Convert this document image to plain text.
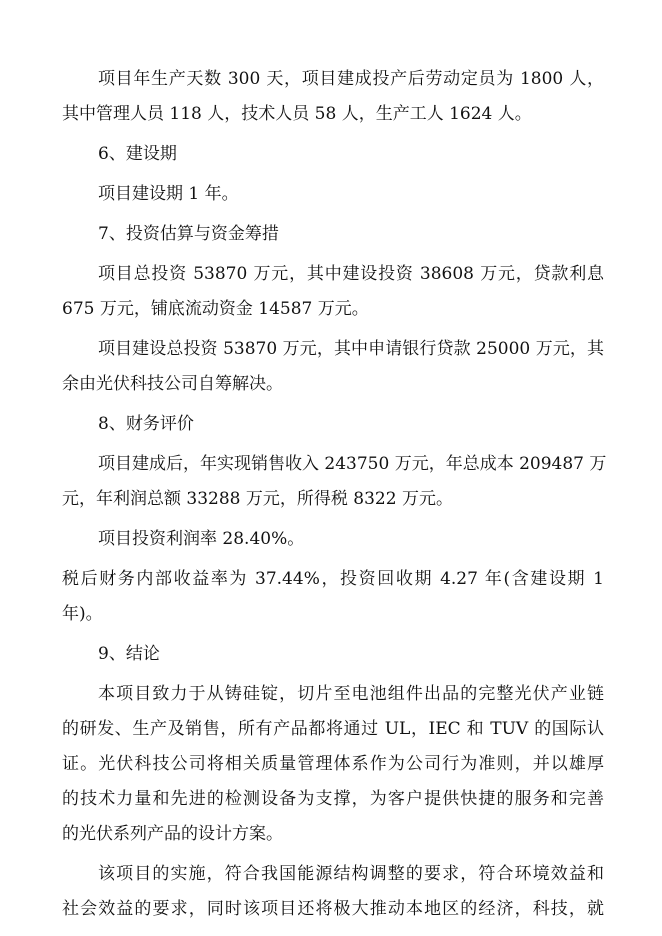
项目年生产天数 300 天，项目建成投产后劳动定员为 1800 人，
其中管理人员 118 人，技术人员 58 人，生产工人 1624 人。
6、建设期
项目建设期 1 年。
7、投资估算与资金筹措
项目总投资 53870 万元，其中建设投资 38608 万元，贷款利息
675 万元，铺底流动资金 14587 万元。
项目建设总投资 53870 万元，其中申请银行贷款 25000 万元，其
余由光伏科技公司自筹解决。
8、财务评价
项目建成后，年实现销售收入 243750 万元，年总成本 209487 万
元，年利润总额 33288 万元，所得税 8322 万元。
项目投资利润率 28.40%。
税后财务内部收益率为 37.44%，投资回收期 4.27 年(含建设期 1
年)。
9、结论
本项目致力于从铸硅锭，切片至电池组件出品的完整光伏产业链
的研发、生产及销售，所有产品都将通过 UL，IEC 和 TUV 的国际认
证。光伏科技公司将相关质量管理体系作为公司行为准则，并以雄厚
的技术力量和先进的检测设备为支撑，为客户提供快捷的服务和完善
的光伏系列产品的设计方案。
该项目的实施，符合我国能源结构调整的要求，符合环境效益和
社会效益的要求，同时该项目还将极大推动本地区的经济，科技，就
